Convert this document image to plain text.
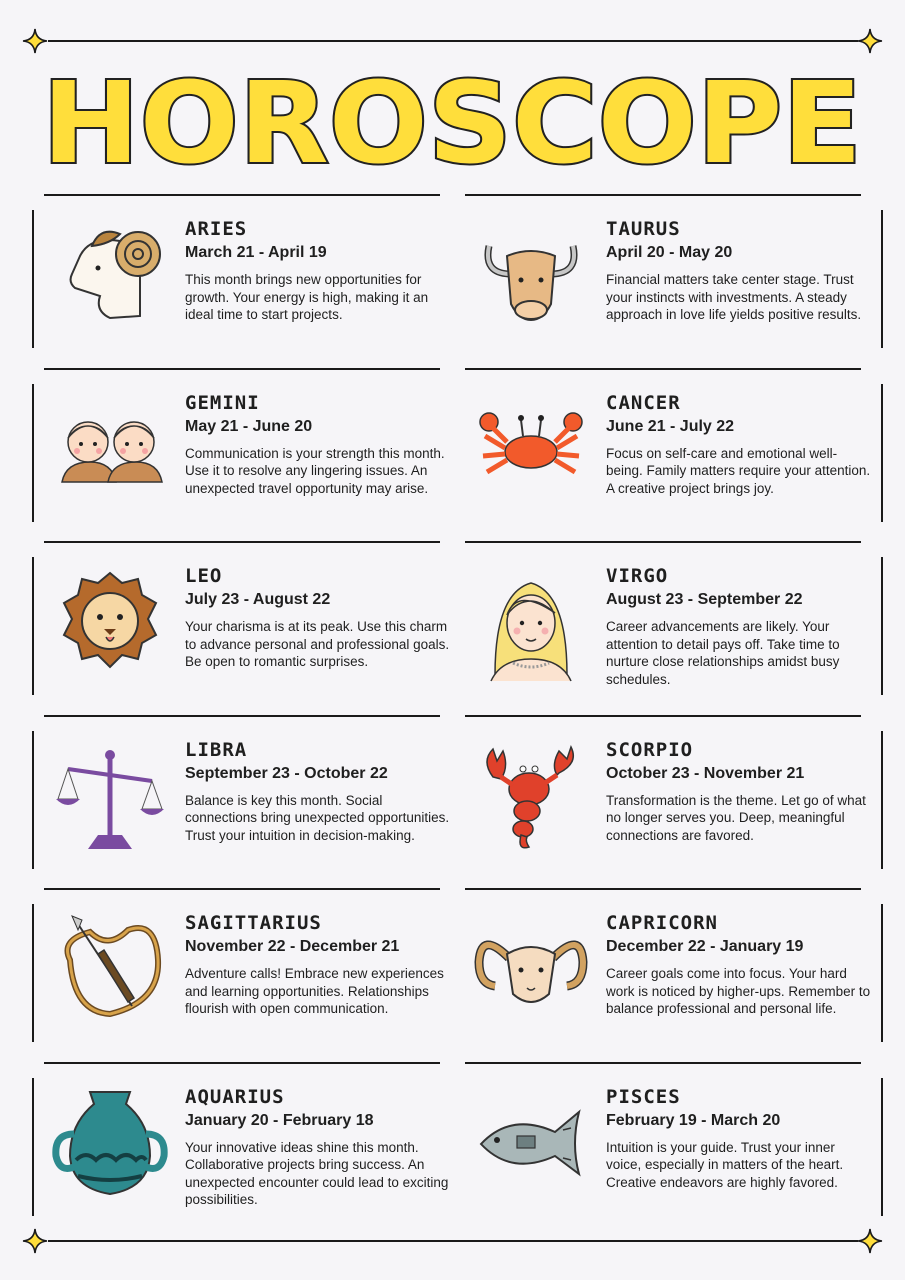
HOROSCOPE
ARIES
March 21 - April 19
This month brings new opportunities for growth. Your energy is high, making it an ideal time to start projects.
TAURUS
April 20 - May 20
Financial matters take center stage. Trust your instincts with investments. A steady approach in love life yields positive results.
GEMINI
May 21 - June 20
Communication is your strength this month. Use it to resolve any lingering issues. An unexpected travel opportunity may arise.
CANCER
June 21 - July 22
Focus on self-care and emotional well-being. Family matters require your attention. A creative project brings joy.
LEO
July 23 - August 22
Your charisma is at its peak. Use this charm to advance personal and professional goals. Be open to romantic surprises.
VIRGO
August 23 - September 22
Career advancements are likely. Your attention to detail pays off. Take time to nurture close relationships amidst busy schedules.
LIBRA
September 23 - October 22
Balance is key this month. Social connections bring unexpected opportunities. Trust your intuition in decision-making.
SCORPIO
October 23 - November 21
Transformation is the theme. Let go of what no longer serves you. Deep, meaningful connections are favored.
SAGITTARIUS
November 22 - December 21
Adventure calls! Embrace new experiences and learning opportunities. Relationships flourish with open communication.
CAPRICORN
December 22 - January 19
Career goals come into focus. Your hard work is noticed by higher-ups. Remember to balance professional and personal life.
AQUARIUS
January 20 - February 18
Your innovative ideas shine this month. Collaborative projects bring success. An unexpected encounter could lead to exciting possibilities.
PISCES
February 19 - March 20
Intuition is your guide. Trust your inner voice, especially in matters of the heart. Creative endeavors are highly favored.
